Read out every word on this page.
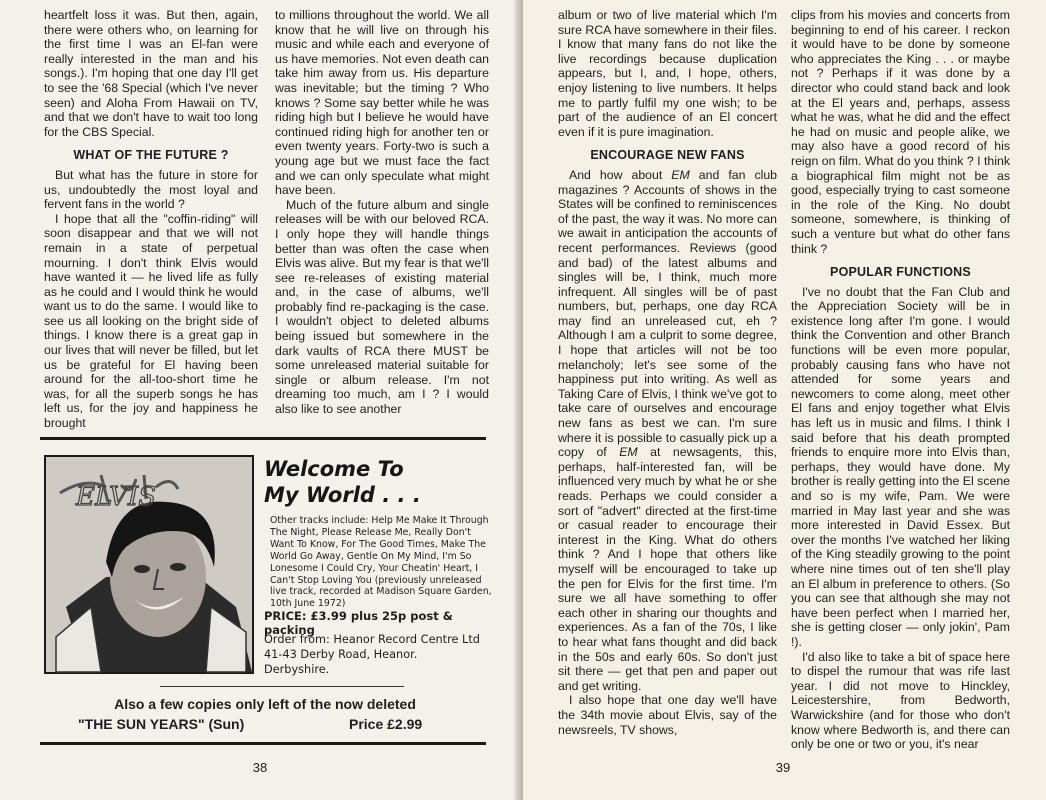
heartfelt loss it was. But then, again, there were others who, on learning for the first time I was an El-fan were really interested in the man and his songs.). I'm hoping that one day I'll get to see the '68 Special (which I've never seen) and Aloha From Hawaii on TV, and that we don't have to wait too long for the CBS Special.

WHAT OF THE FUTURE ?

But what has the future in store for us, undoubtedly the most loyal and fervent fans in the world ?

I hope that all the "coffin-riding" will soon disappear and that we will not remain in a state of perpetual mourning. I don't think Elvis would have wanted it — he lived life as fully as he could and I would think he would want us to do the same. I would like to see us all looking on the bright side of things. I know there is a great gap in our lives that will never be filled, but let us be grateful for El having been around for the all-too-short time he was, for all the superb songs he has left us, for the joy and happiness he brought

to millions throughout the world. We all know that he will live on through his music and while each and everyone of us have memories. Not even death can take him away from us. His departure was inevitable; but the timing ? Who knows ? Some say better while he was riding high but I believe he would have continued riding high for another ten or even twenty years. Forty-two is such a young age but we must face the fact and we can only speculate what might have been.

Much of the future album and single releases will be with our beloved RCA. I only hope they will handle things better than was often the case when Elvis was alive. But my fear is that we'll see re-releases of existing material and, in the case of albums, we'll probably find re-packaging is the case. I wouldn't object to deleted albums being issued but somewhere in the dark vaults of RCA there MUST be some unreleased material suitable for single or album release. I'm not dreaming too much, am I ? I would also like to see another

ELVIS
Welcome To
My World . . .
Other tracks include: Help Me Make It Through The Night, Please Release Me, Really Don't Want To Know, For The Good Times, Make The World Go Away, Gentle On My Mind, I'm So Lonesome I Could Cry, Your Cheatin' Heart, I Can't Stop Loving You (previously unreleased live track, recorded at Madison Square Garden, 10th June 1972)
PRICE: £3.99 plus 25p post & packing
Order from: Heanor Record Centre Ltd
41-43 Derby Road, Heanor.
Derbyshire.
Also a few copies only left of the now deleted
"THE SUN YEARS" (Sun)	Price £2.99
38

album or two of live material which I'm sure RCA have somewhere in their files. I know that many fans do not like the live recordings because duplication appears, but I, and, I hope, others, enjoy listening to live numbers. It helps me to partly fulfil my one wish; to be part of the audience of an El concert even if it is pure imagination.

ENCOURAGE NEW FANS

And how about EM and fan club magazines ? Accounts of shows in the States will be confined to reminiscences of the past, the way it was. No more can we await in anticipation the accounts of recent performances. Reviews (good and bad) of the latest albums and singles will be, I think, much more infrequent. All singles will be of past numbers, but, perhaps, one day RCA may find an unreleased cut, eh ? Although I am a culprit to some degree, I hope that articles will not be too melancholy; let's see some of the happiness put into writing. As well as Taking Care of Elvis, I think we've got to take care of ourselves and encourage new fans as best we can. I'm sure where it is possible to casually pick up a copy of EM at newsagents, this, perhaps, half-interested fan, will be influenced very much by what he or she reads. Perhaps we could consider a sort of "advert" directed at the first-time or casual reader to encourage their interest in the King. What do others think ? And I hope that others like myself will be encouraged to take up the pen for Elvis for the first time. I'm sure we all have something to offer each other in sharing our thoughts and experiences. As a fan of the 70s, I like to hear what fans thought and did back in the 50s and early 60s. So don't just sit there — get that pen and paper out and get writing.

I also hope that one day we'll have the 34th movie about Elvis, say of the newsreels, TV shows,

clips from his movies and concerts from beginning to end of his career. I reckon it would have to be done by someone who appreciates the King . . . or maybe not ? Perhaps if it was done by a director who could stand back and look at the El years and, perhaps, assess what he was, what he did and the effect he had on music and people alike, we may also have a good record of his reign on film. What do you think ? I think a biographical film might not be as good, especially trying to cast someone in the role of the King. No doubt someone, somewhere, is thinking of such a venture but what do other fans think ?

POPULAR FUNCTIONS

I've no doubt that the Fan Club and the Appreciation Society will be in existence long after I'm gone. I would think the Convention and other Branch functions will be even more popular, probably causing fans who have not attended for some years and newcomers to come along, meet other El fans and enjoy together what Elvis has left us in music and films. I think I said before that his death prompted friends to enquire more into Elvis than, perhaps, they would have done. My brother is really getting into the El scene and so is my wife, Pam. We were married in May last year and she was more interested in David Essex. But over the months I've watched her liking of the King steadily growing to the point where nine times out of ten she'll play an El album in preference to others. (So you can see that although she may not have been perfect when I married her, she is getting closer — only jokin', Pam !).

I'd also like to take a bit of space here to dispel the rumour that was rife last year. I did not move to Hinckley, Leicestershire, from Bedworth, Warwickshire (and for those who don't know where Bedworth is, and there can only be one or two or you, it's near

39
